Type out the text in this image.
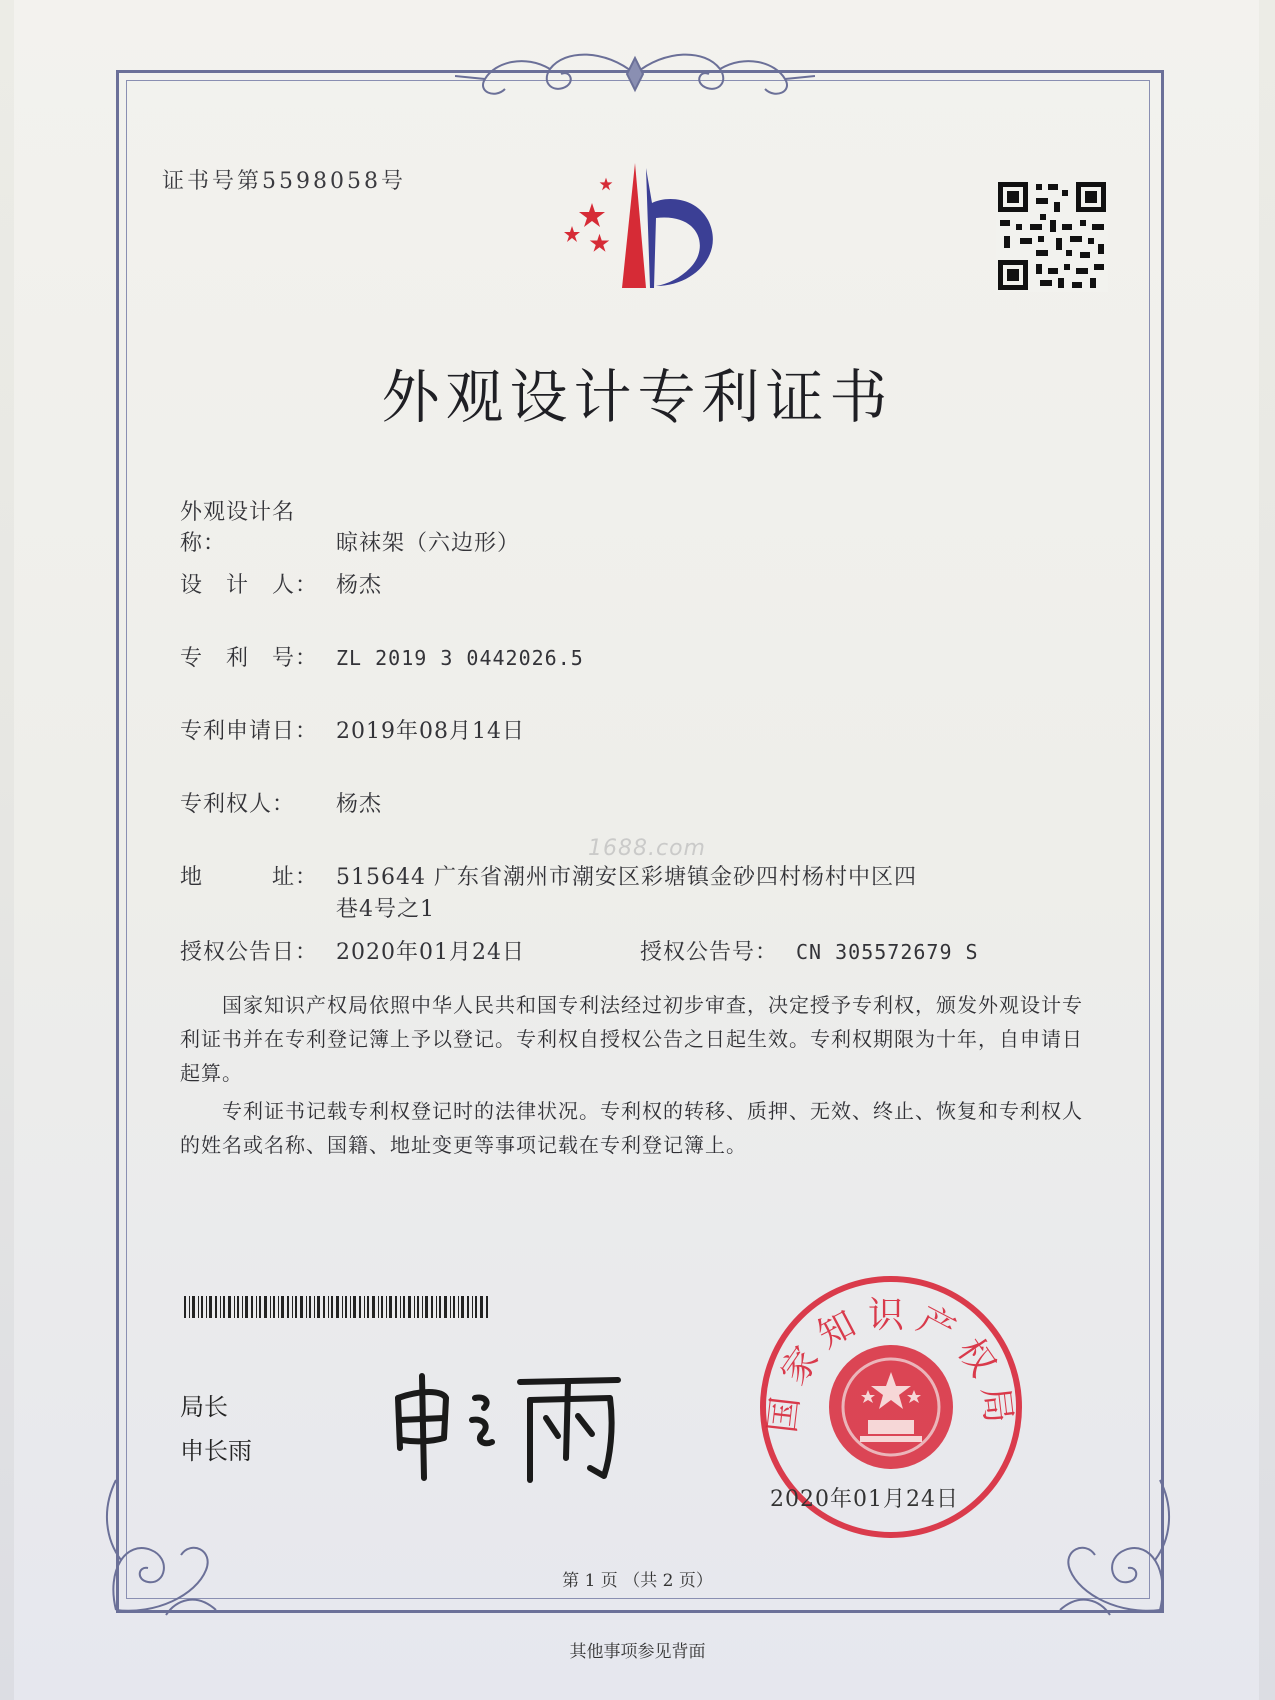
证书号第5598058号
外观设计专利证书
外观设计名称：	晾袜架（六边形）
设　计　人： 杨杰
专　利　号： ZL 2019 3 0442026.5
专利申请日： 2019年08月14日
专利权人： 杨杰
1688.com
地　　　址： 515644 广东省潮州市潮安区彩塘镇金砂四村杨村中区四
巷4号之1
授权公告日： 2020年01月24日	授权公告号： CN 305572679 S
国家知识产权局依照中华人民共和国专利法经过初步审查，决定授予专利权，颁发外观设计专利证书并在专利登记簿上予以登记。专利权自授权公告之日起生效。专利权期限为十年，自申请日起算。
专利证书记载专利权登记时的法律状况。专利权的转移、质押、无效、终止、恢复和专利权人的姓名或名称、国籍、地址变更等事项记载在专利登记簿上。
局长
申长雨
国家知识产权局
2020年01月24日
第 1 页 （共 2 页）
其他事项参见背面
